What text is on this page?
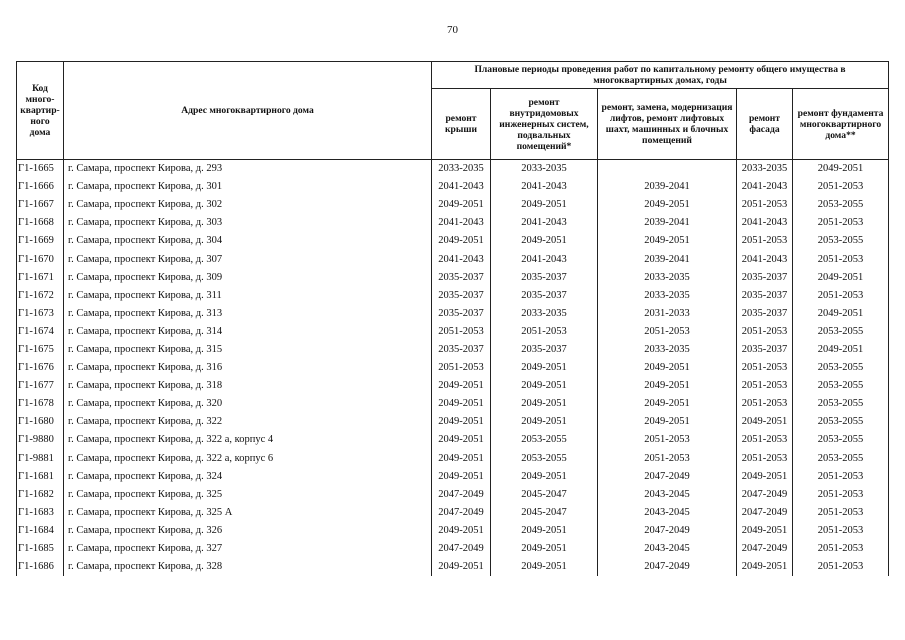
70
Код много-квартир-ного дома	Адрес многоквартирного дома	Плановые периоды проведения работ по капитальному ремонту общего имущества в многоквартирных домах, годы				
		ремонт крыши	ремонт внутридомовых инженерных систем, подвальных помещений*	ремонт, замена, модернизация лифтов, ремонт лифтовых шахт, машинных и блочных помещений	ремонт фасада	ремонт фундамента многоквартирного дома**
Г1-1665	г. Самара, проспект Кирова, д. 293	2033-2035	2033-2035		2033-2035	2049-2051
Г1-1666	г. Самара, проспект Кирова, д. 301	2041-2043	2041-2043	2039-2041	2041-2043	2051-2053
Г1-1667	г. Самара, проспект Кирова, д. 302	2049-2051	2049-2051	2049-2051	2051-2053	2053-2055
Г1-1668	г. Самара, проспект Кирова, д. 303	2041-2043	2041-2043	2039-2041	2041-2043	2051-2053
Г1-1669	г. Самара, проспект Кирова, д. 304	2049-2051	2049-2051	2049-2051	2051-2053	2053-2055
Г1-1670	г. Самара, проспект Кирова, д. 307	2041-2043	2041-2043	2039-2041	2041-2043	2051-2053
Г1-1671	г. Самара, проспект Кирова, д. 309	2035-2037	2035-2037	2033-2035	2035-2037	2049-2051
Г1-1672	г. Самара, проспект Кирова, д. 311	2035-2037	2035-2037	2033-2035	2035-2037	2051-2053
Г1-1673	г. Самара, проспект Кирова, д. 313	2035-2037	2033-2035	2031-2033	2035-2037	2049-2051
Г1-1674	г. Самара, проспект Кирова, д. 314	2051-2053	2051-2053	2051-2053	2051-2053	2053-2055
Г1-1675	г. Самара, проспект Кирова, д. 315	2035-2037	2035-2037	2033-2035	2035-2037	2049-2051
Г1-1676	г. Самара, проспект Кирова, д. 316	2051-2053	2049-2051	2049-2051	2051-2053	2053-2055
Г1-1677	г. Самара, проспект Кирова, д. 318	2049-2051	2049-2051	2049-2051	2051-2053	2053-2055
Г1-1678	г. Самара, проспект Кирова, д. 320	2049-2051	2049-2051	2049-2051	2051-2053	2053-2055
Г1-1680	г. Самара, проспект Кирова, д. 322	2049-2051	2049-2051	2049-2051	2049-2051	2053-2055
Г1-9880	г. Самара, проспект Кирова, д. 322 а, корпус 4	2049-2051	2053-2055	2051-2053	2051-2053	2053-2055
Г1-9881	г. Самара, проспект Кирова, д. 322 а, корпус 6	2049-2051	2053-2055	2051-2053	2051-2053	2053-2055
Г1-1681	г. Самара, проспект Кирова, д. 324	2049-2051	2049-2051	2047-2049	2049-2051	2051-2053
Г1-1682	г. Самара, проспект Кирова, д. 325	2047-2049	2045-2047	2043-2045	2047-2049	2051-2053
Г1-1683	г. Самара, проспект Кирова, д. 325 А	2047-2049	2045-2047	2043-2045	2047-2049	2051-2053
Г1-1684	г. Самара, проспект Кирова, д. 326	2049-2051	2049-2051	2047-2049	2049-2051	2051-2053
Г1-1685	г. Самара, проспект Кирова, д. 327	2047-2049	2049-2051	2043-2045	2047-2049	2051-2053
Г1-1686	г. Самара, проспект Кирова, д. 328	2049-2051	2049-2051	2047-2049	2049-2051	2051-2053
